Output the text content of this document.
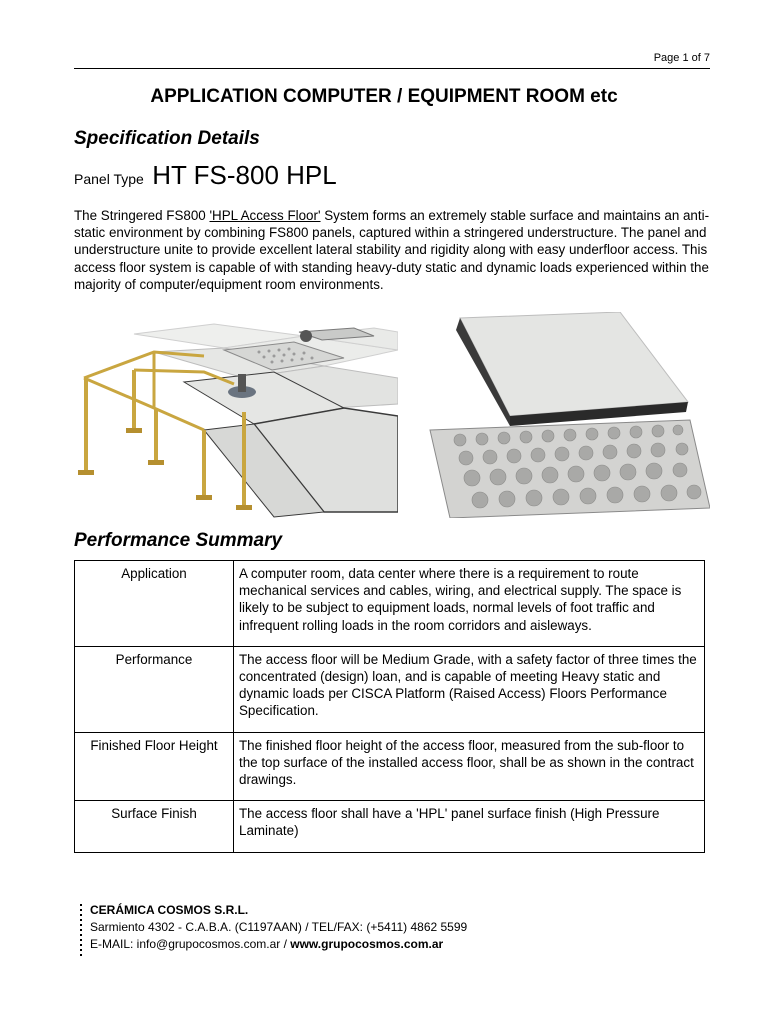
Page 1 of 7
APPLICATION COMPUTER / EQUIPMENT ROOM etc
Specification Details
Panel Type HT FS-800 HPL

The Stringered FS800 'HPL Access Floor' System forms an extremely stable surface and maintains an anti-static environment by combining FS800 panels, captured within a stringered understructure. The panel and understructure unite to provide excellent lateral stability and rigidity along with easy underfloor access. This access floor system is capable of with standing heavy-duty static and dynamic loads experienced within the majority of computer/equipment room environments.

Performance Summary
Application	A computer room, data center where there is a requirement to route mechanical services and cables, wiring, and electrical supply. The space is likely to be subject to equipment loads, normal levels of foot traffic and infrequent rolling loads in the room corridors and aisleways.
Performance	The access floor will be Medium Grade, with a safety factor of three times the concentrated (design) loan, and is capable of meeting Heavy static and dynamic loads per CISCA Platform (Raised Access) Floors Performance Specification.
Finished Floor Height	The finished floor height of the access floor, measured from the sub-floor to the top surface of the installed access floor, shall be as shown in the contract drawings.
Surface Finish	The access floor shall have a 'HPL' panel surface finish (High Pressure Laminate)
CERÁMICA COSMOS S.R.L.
Sarmiento 4302 - C.A.B.A. (C1197AAN) / TEL/FAX: (+5411) 4862 5599
E-MAIL: info@grupocosmos.com.ar / www.grupocosmos.com.ar
